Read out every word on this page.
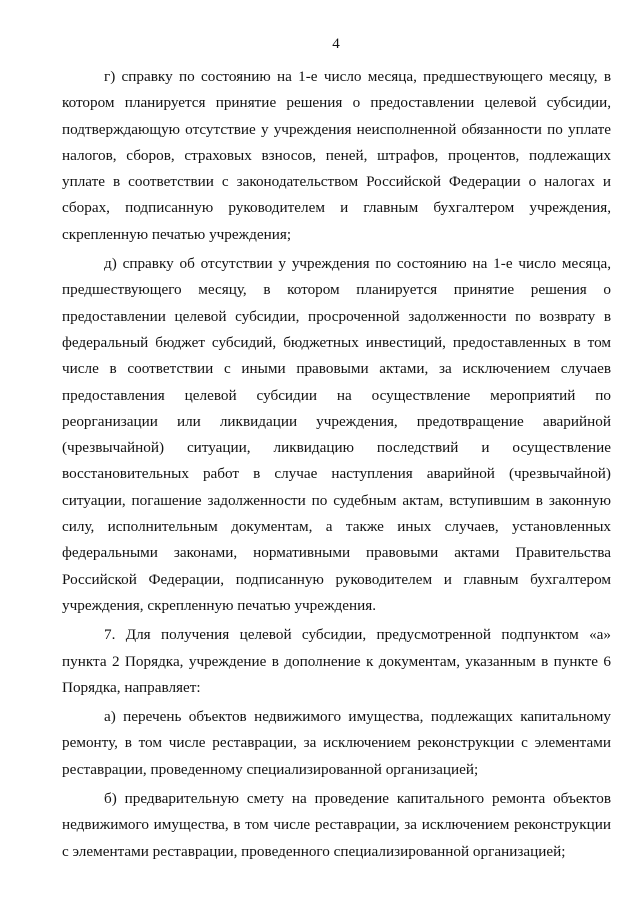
4

г) справку по состоянию на 1-е число месяца, предшествующего месяцу, в котором планируется принятие решения о предоставлении целевой субсидии, подтверждающую отсутствие у учреждения неисполненной обязанности по уплате налогов, сборов, страховых взносов, пеней, штрафов, процентов, подлежащих уплате в соответствии с законодательством Российской Федерации о налогах и сборах, подписанную руководителем и главным бухгалтером учреждения, скрепленную печатью учреждения;

д) справку об отсутствии у учреждения по состоянию на 1-е число месяца, предшествующего месяцу, в котором планируется принятие решения о предоставлении целевой субсидии, просроченной задолженности по возврату в федеральный бюджет субсидий, бюджетных инвестиций, предоставленных в том числе в соответствии с иными правовыми актами, за исключением случаев предоставления целевой субсидии на осуществление мероприятий по реорганизации или ликвидации учреждения, предотвращение аварийной (чрезвычайной) ситуации, ликвидацию последствий и осуществление восстановительных работ в случае наступления аварийной (чрезвычайной) ситуации, погашение задолженности по судебным актам, вступившим в законную силу, исполнительным документам, а также иных случаев, установленных федеральными законами, нормативными правовыми актами Правительства Российской Федерации, подписанную руководителем и главным бухгалтером учреждения, скрепленную печатью учреждения.

7. Для получения целевой субсидии, предусмотренной подпунктом «а» пункта 2 Порядка, учреждение в дополнение к документам, указанным в пункте 6 Порядка, направляет:

а) перечень объектов недвижимого имущества, подлежащих капитальному ремонту, в том числе реставрации, за исключением реконструкции с элементами реставрации, проведенному специализированной организацией;

б) предварительную смету на проведение капитального ремонта объектов недвижимого имущества, в том числе реставрации, за исключением реконструкции с элементами реставрации, проведенного специализированной организацией;
